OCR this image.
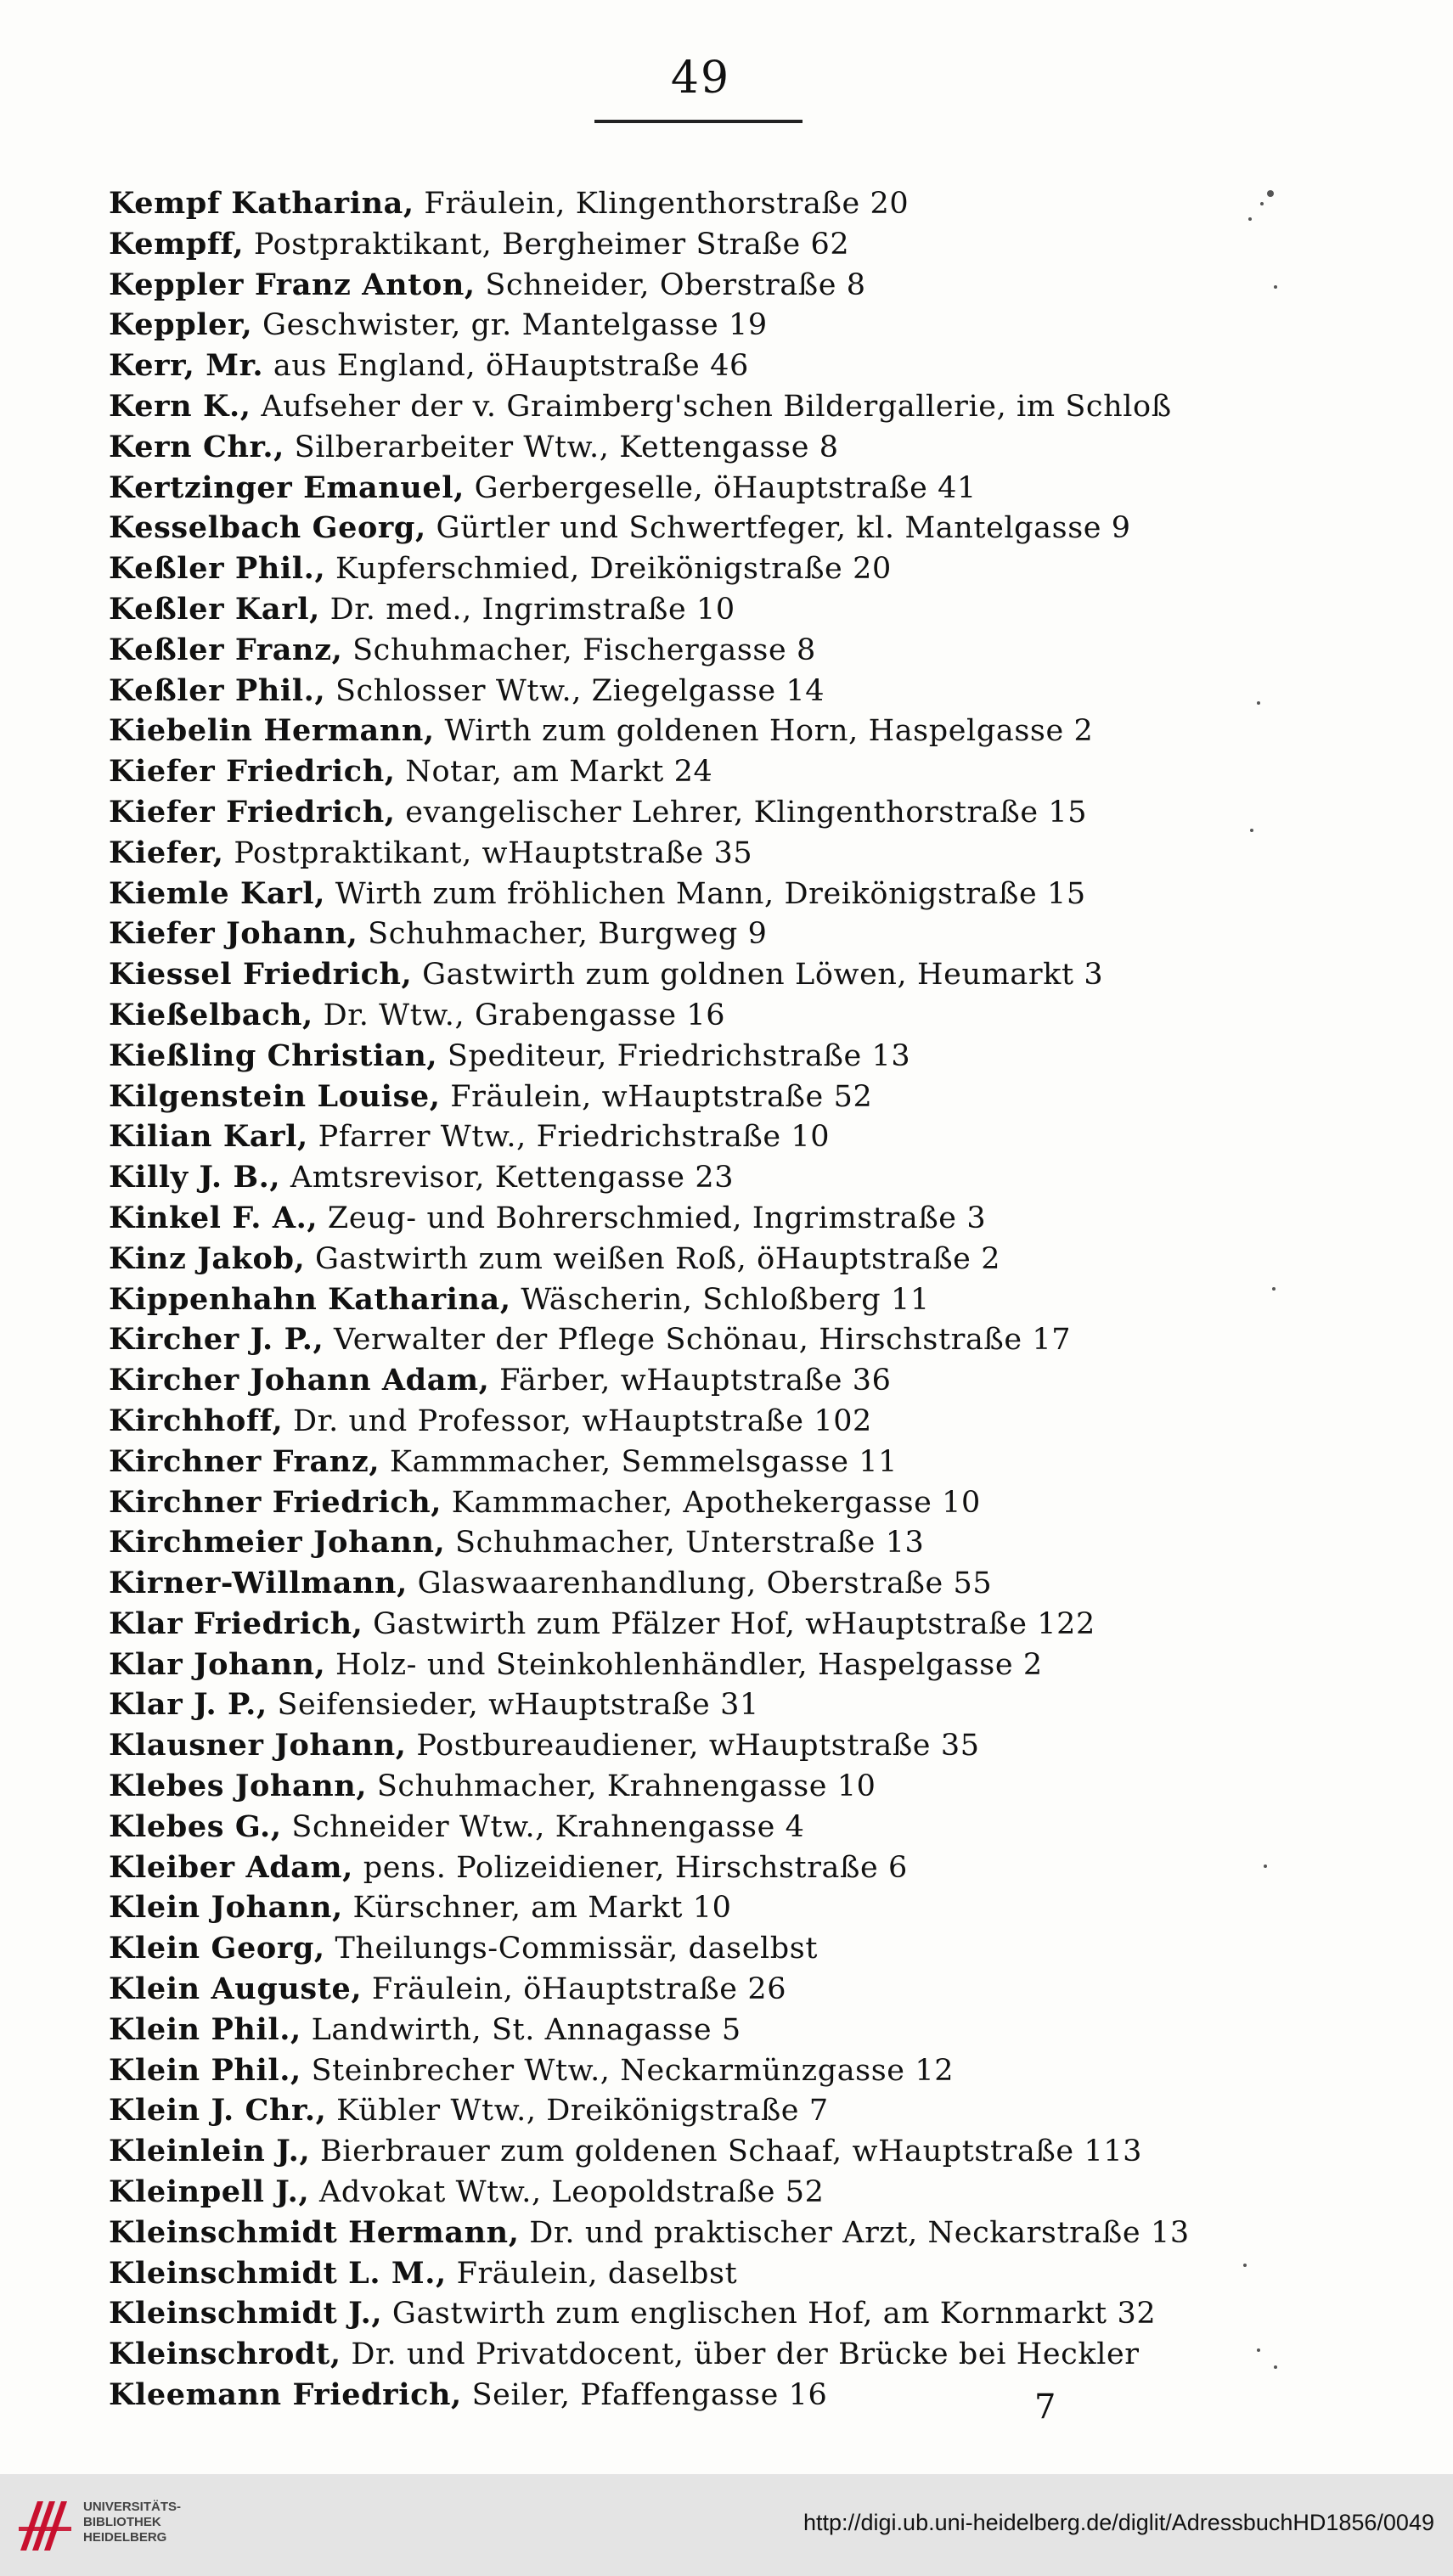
49
Kempf Katharina, Fräulein, Klingenthorstraße 20
Kempff, Postpraktikant, Bergheimer Straße 62
Keppler Franz Anton, Schneider, Oberstraße 8
Keppler, Geschwister, gr. Mantelgasse 19
Kerr, Mr. aus England, öHauptstraße 46
Kern K., Aufseher der v. Graimberg'schen Bildergallerie, im Schloß
Kern Chr., Silberarbeiter Wtw., Kettengasse 8
Kertzinger Emanuel, Gerbergeselle, öHauptstraße 41
Kesselbach Georg, Gürtler und Schwertfeger, kl. Mantelgasse 9
Keßler Phil., Kupferschmied, Dreikönigstraße 20
Keßler Karl, Dr. med., Ingrimstraße 10
Keßler Franz, Schuhmacher, Fischergasse 8
Keßler Phil., Schlosser Wtw., Ziegelgasse 14
Kiebelin Hermann, Wirth zum goldenen Horn, Haspelgasse 2
Kiefer Friedrich, Notar, am Markt 24
Kiefer Friedrich, evangelischer Lehrer, Klingenthorstraße 15
Kiefer, Postpraktikant, wHauptstraße 35
Kiemle Karl, Wirth zum fröhlichen Mann, Dreikönigstraße 15
Kiefer Johann, Schuhmacher, Burgweg 9
Kiessel Friedrich, Gastwirth zum goldnen Löwen, Heumarkt 3
Kießelbach, Dr. Wtw., Grabengasse 16
Kießling Christian, Spediteur, Friedrichstraße 13
Kilgenstein Louise, Fräulein, wHauptstraße 52
Kilian Karl, Pfarrer Wtw., Friedrichstraße 10
Killy J. B., Amtsrevisor, Kettengasse 23
Kinkel F. A., Zeug- und Bohrerschmied, Ingrimstraße 3
Kinz Jakob, Gastwirth zum weißen Roß, öHauptstraße 2
Kippenhahn Katharina, Wäscherin, Schloßberg 11
Kircher J. P., Verwalter der Pflege Schönau, Hirschstraße 17
Kircher Johann Adam, Färber, wHauptstraße 36
Kirchhoff, Dr. und Professor, wHauptstraße 102
Kirchner Franz, Kammmacher, Semmelsgasse 11
Kirchner Friedrich, Kammmacher, Apothekergasse 10
Kirchmeier Johann, Schuhmacher, Unterstraße 13
Kirner-Willmann, Glaswaarenhandlung, Oberstraße 55
Klar Friedrich, Gastwirth zum Pfälzer Hof, wHauptstraße 122
Klar Johann, Holz- und Steinkohlenhändler, Haspelgasse 2
Klar J. P., Seifensieder, wHauptstraße 31
Klausner Johann, Postbureaudiener, wHauptstraße 35
Klebes Johann, Schuhmacher, Krahnengasse 10
Klebes G., Schneider Wtw., Krahnengasse 4
Kleiber Adam, pens. Polizeidiener, Hirschstraße 6
Klein Johann, Kürschner, am Markt 10
Klein Georg, Theilungs-Commissär, daselbst
Klein Auguste, Fräulein, öHauptstraße 26
Klein Phil., Landwirth, St. Annagasse 5
Klein Phil., Steinbrecher Wtw., Neckarmünzgasse 12
Klein J. Chr., Kübler Wtw., Dreikönigstraße 7
Kleinlein J., Bierbrauer zum goldenen Schaaf, wHauptstraße 113
Kleinpell J., Advokat Wtw., Leopoldstraße 52
Kleinschmidt Hermann, Dr. und praktischer Arzt, Neckarstraße 13
Kleinschmidt L. M., Fräulein, daselbst
Kleinschmidt J., Gastwirth zum englischen Hof, am Kornmarkt 32
Kleinschrodt, Dr. und Privatdocent, über der Brücke bei Heckler
Kleemann Friedrich, Seiler, Pfaffengasse 16	7
UNIVERSITÄTS-
BIBLIOTHEK
HEIDELBERG
http://digi.ub.uni-heidelberg.de/diglit/AdressbuchHD1856/0049
